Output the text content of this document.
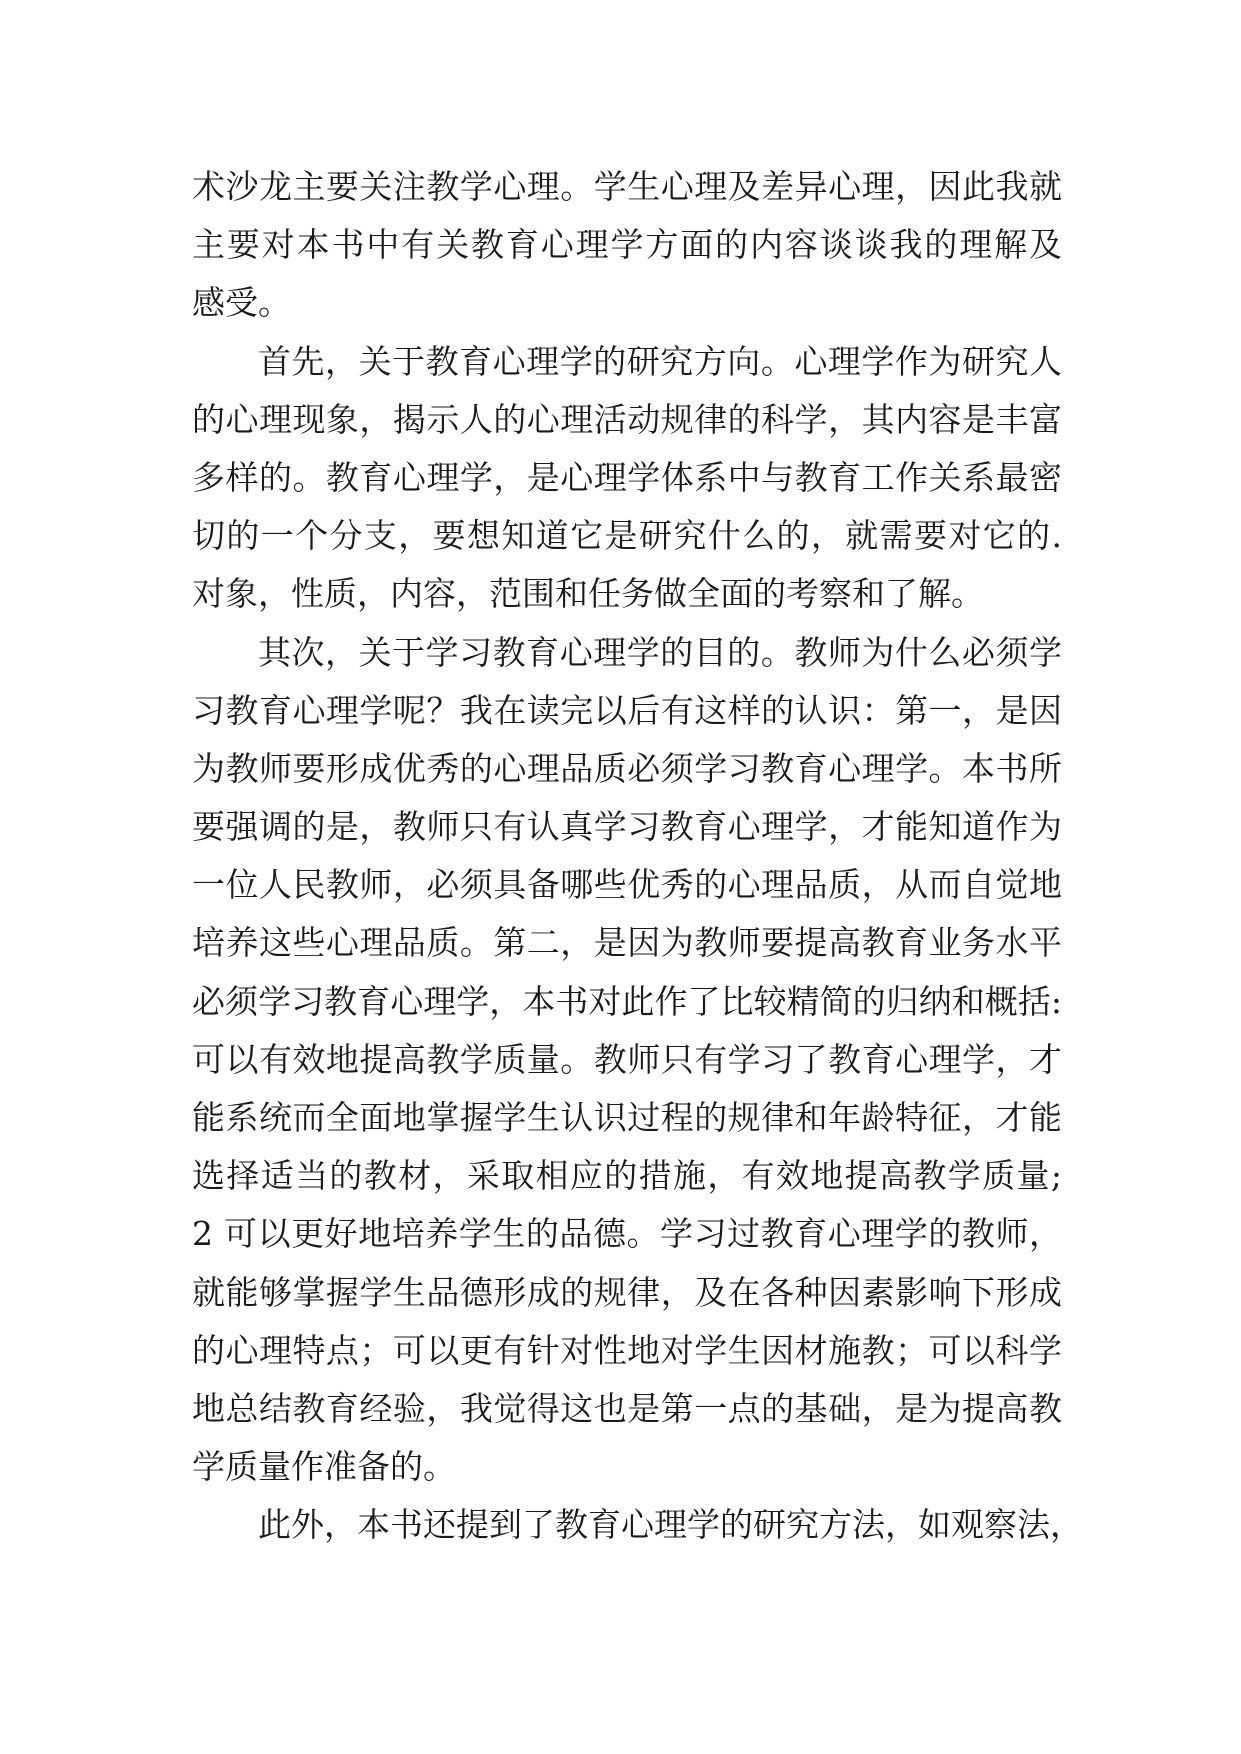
术沙龙主要关注教学心理。学生心理及差异心理，因此我就
主要对本书中有关教育心理学方面的内容谈谈我的理解及
感受。
首先，关于教育心理学的研究方向。心理学作为研究人
的心理现象，揭示人的心理活动规律的科学，其内容是丰富
多样的。教育心理学，是心理学体系中与教育工作关系最密
切的一个分支，要想知道它是研究什么的，就需要对它的.
对象，性质，内容，范围和任务做全面的考察和了解。
其次，关于学习教育心理学的目的。教师为什么必须学
习教育心理学呢？我在读完以后有这样的认识：第一，是因
为教师要形成优秀的心理品质必须学习教育心理学。本书所
要强调的是，教师只有认真学习教育心理学，才能知道作为
一位人民教师，必须具备哪些优秀的心理品质，从而自觉地
培养这些心理品质。第二，是因为教师要提高教育业务水平
必须学习教育心理学，本书对此作了比较精简的归纳和概括:
可以有效地提高教学质量。教师只有学习了教育心理学，才
能系统而全面地掌握学生认识过程的规律和年龄特征，才能
选择适当的教材，采取相应的措施，有效地提高教学质量;
2 可以更好地培养学生的品德。学习过教育心理学的教师，
就能够掌握学生品德形成的规律，及在各种因素影响下形成
的心理特点；可以更有针对性地对学生因材施教；可以科学
地总结教育经验，我觉得这也是第一点的基础，是为提高教
学质量作准备的。
此外，本书还提到了教育心理学的研究方法，如观察法，
